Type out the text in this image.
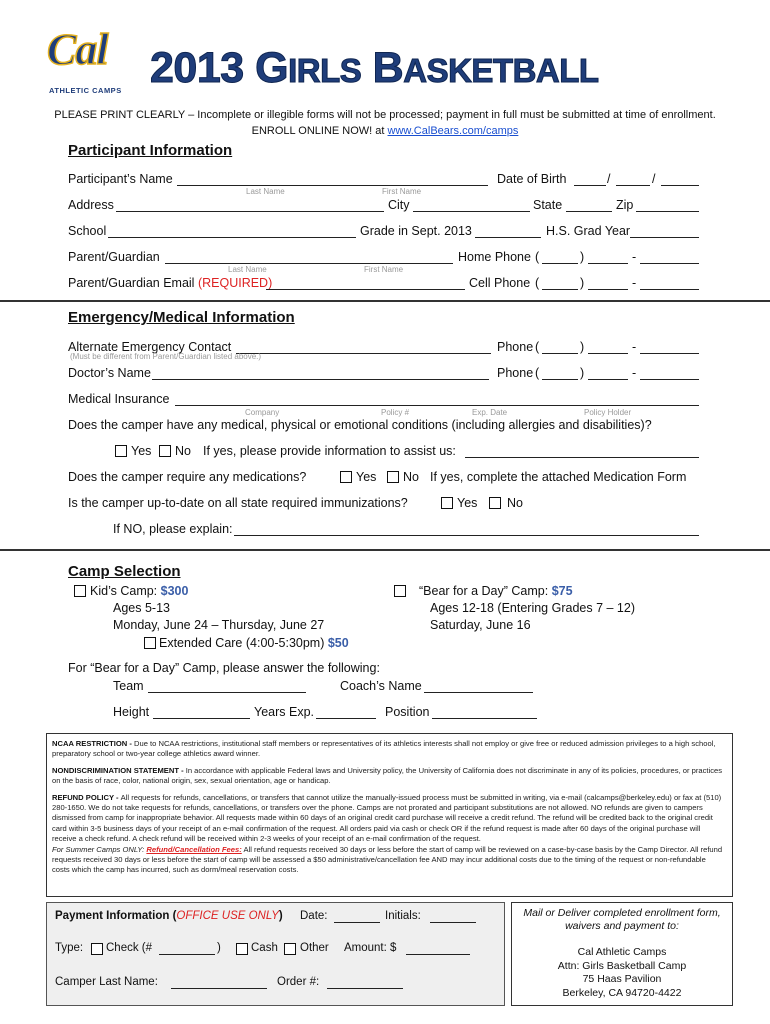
Cal
ATHLETIC CAMPS 2013 GIRLS BASKETBALL
PLEASE PRINT CLEARLY – Incomplete or illegible forms will not be processed; payment in full must be submitted at time of enrollment.
ENROLL ONLINE NOW! at www.CalBears.com/camps
Participant Information
Participant’s Name
Last Name	First Name
Date of Birth	/	/
Address	City	State	Zip
School	Grade in Sept. 2013	H.S. Grad Year
Parent/Guardian
Last Name	First Name
Home Phone (	)	-
Parent/Guardian Email (REQUIRED)	Cell Phone (	)	-
Emergency/Medical Information
Alternate Emergency Contact
(Must be different from Parent/Guardian listed above.)
Phone (	)	-
Doctor’s Name	Phone (	)	-
Medical Insurance
Company	Policy #	Exp. Date	Policy Holder
Does the camper have any medical, physical or emotional conditions (including allergies and disabilities)?
Yes No If yes, please provide information to assist us:
Does the camper require any medications?	Yes No If yes, complete the attached Medication Form
Is the camper up-to-date on all state required immunizations?	Yes No
If NO, please explain:
Camp Selection
Kid’s Camp: $300
Ages 5-13
Monday, June 24 – Thursday, June 27
Extended Care (4:00-5:30pm) $50
“Bear for a Day” Camp: $75
Ages 12-18 (Entering Grades 7 – 12)
Saturday, June 16
For “Bear for a Day” Camp, please answer the following:
Team	Coach’s Name
Height	Years Exp.	Position
NCAA RESTRICTION - Due to NCAA restrictions, institutional staff members or representatives of its athletics interests shall not employ or give free or reduced admission privileges to a high school, preparatory school or two-year college athletics award winner.
NONDISCRIMINATION STATEMENT - In accordance with applicable Federal laws and University policy, the University of California does not discriminate in any of its policies, procedures, or practices on the basis of race, color, national origin, sex, sexual orientation, age or handicap.
REFUND POLICY - All requests for refunds, cancellations, or transfers that cannot utilize the manually-issued process must be submitted in writing, via e-mail (calcamps@berkeley.edu) or fax at (510) 280-1650. We do not take requests for refunds, cancellations, or transfers over the phone. Camps are not prorated and participant substitutions are not allowed. NO refunds are given to campers dismissed from camp for inappropriate behavior. All requests made within 60 days of an original credit card purchase will receive a credit refund. The refund will be credited back to the original credit card within 3-5 business days of your receipt of an e-mail confirmation of the request. All orders paid via cash or check OR if the refund request is made after 60 days of the original purchase will receive a check refund. A check refund will be received within 2-3 weeks of your receipt of an e-mail confirmation of the request.
For Summer Camps ONLY: Refund/Cancellation Fees: All refund requests received 30 days or less before the start of camp will be reviewed on a case-by-case basis by the Camp Director. All refund requests received 30 days or less before the start of camp will be assessed a $50 administrative/cancellation fee AND may incur additional costs due to the timing of the request or non-refundable costs which the camp has incurred, such as dorm/meal reservation costs.
Payment Information (OFFICE USE ONLY) Date:	Initials:
Type: Check (#	)	Cash Other Amount: $
Camper Last Name:	Order #:
Mail or Deliver completed enrollment form,
waivers and payment to:
Cal Athletic Camps
Attn: Girls Basketball Camp
75 Haas Pavilion
Berkeley, CA 94720-4422
